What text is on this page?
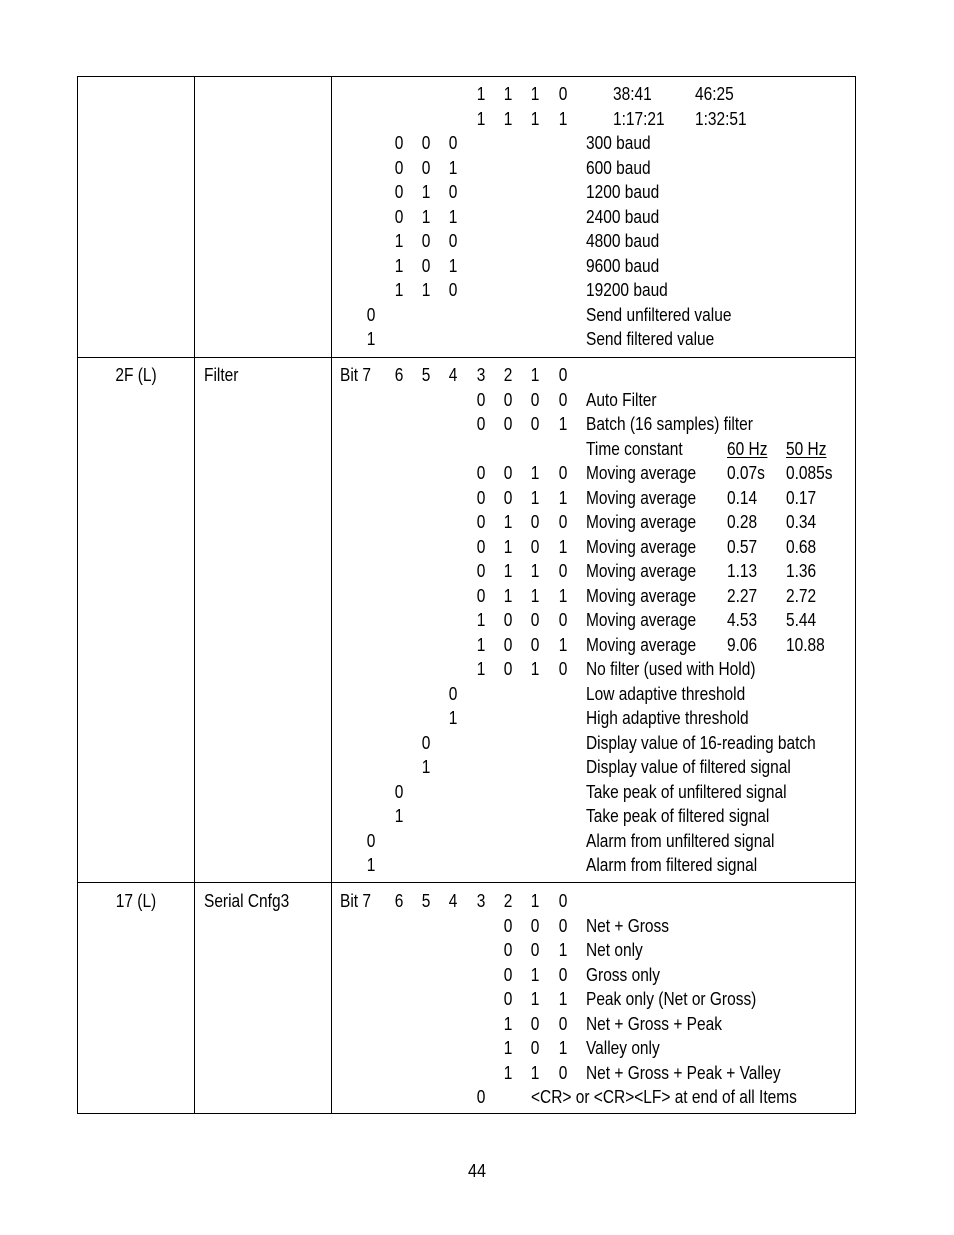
1 1 1 0	38:41 46:25
1 1 1 1	1:17:21 1:32:51
0 0 0	300 baud
0 0 1	600 baud
0 1 0	1200 baud
0 1 1	2400 baud
1 0 0	4800 baud
1 0 1	9600 baud
1 1 0	19200 baud
0	Send unfiltered value
1	Send filtered value
2F (L)	Filter	Bit 7 6 5 4 3 2 1 0
0 0 0 0 Auto Filter
0 0 0 1 Batch (16 samples) filter
Time constant 60 Hz 50 Hz
0 0 1 0 Moving average 0.07s 0.085s
0 0 1 1 Moving average 0.14 0.17
0 1 0 0 Moving average 0.28 0.34
0 1 0 1 Moving average 0.57 0.68
0 1 1 0 Moving average 1.13 1.36
0 1 1 1 Moving average 2.27 2.72
1 0 0 0 Moving average 4.53 5.44
1 0 0 1 Moving average 9.06 10.88
1 0 1 0 No filter (used with Hold)
0	Low adaptive threshold
1	High adaptive threshold
0	Display value of 16-reading batch
1	Display value of filtered signal
0	Take peak of unfiltered signal
1	Take peak of filtered signal
0	Alarm from unfiltered signal
1	Alarm from filtered signal
17 (L)	Serial Cnfg3	Bit 7 6 5 4 3 2 1 0
0 0 0 Net + Gross
0 0 1 Net only
0 1 0 Gross only
0 1 1 Peak only (Net or Gross)
1 0 0 Net + Gross + Peak
1 0 1 Valley only
1 1 0 Net + Gross + Peak + Valley
0	<CR> or <CR><LF> at end of all Items
44
